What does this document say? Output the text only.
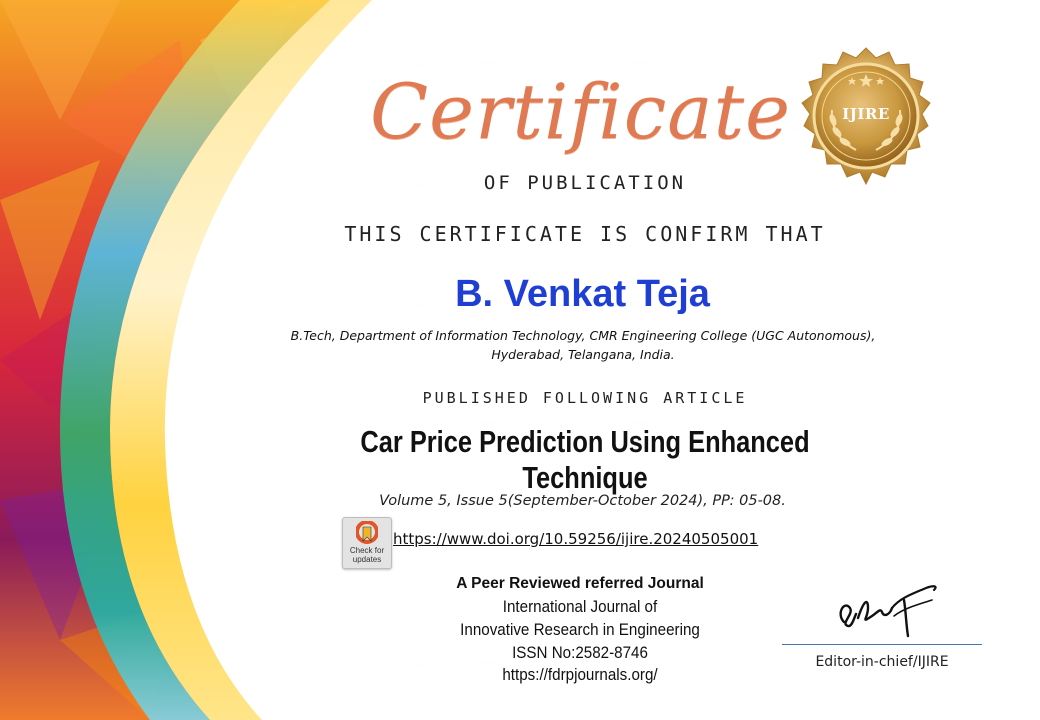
IJIRE
Certificate
OF PUBLICATION
THIS CERTIFICATE IS CONFIRM THAT
B. Venkat Teja
B.Tech, Department of Information Technology, CMR Engineering College (UGC Autonomous),
Hyderabad, Telangana, India.
PUBLISHED FOLLOWING ARTICLE
Car Price Prediction Using Enhanced Technique
Volume 5, Issue 5(September-October 2024), PP: 05-08.
Check for
updates
https://www.doi.org/10.59256/ijire.20240505001
A Peer Reviewed referred Journal
International Journal of
Innovative Research in Engineering
ISSN No:2582-8746
https://fdrpjournals.org/
Editor-in-chief/IJIRE
